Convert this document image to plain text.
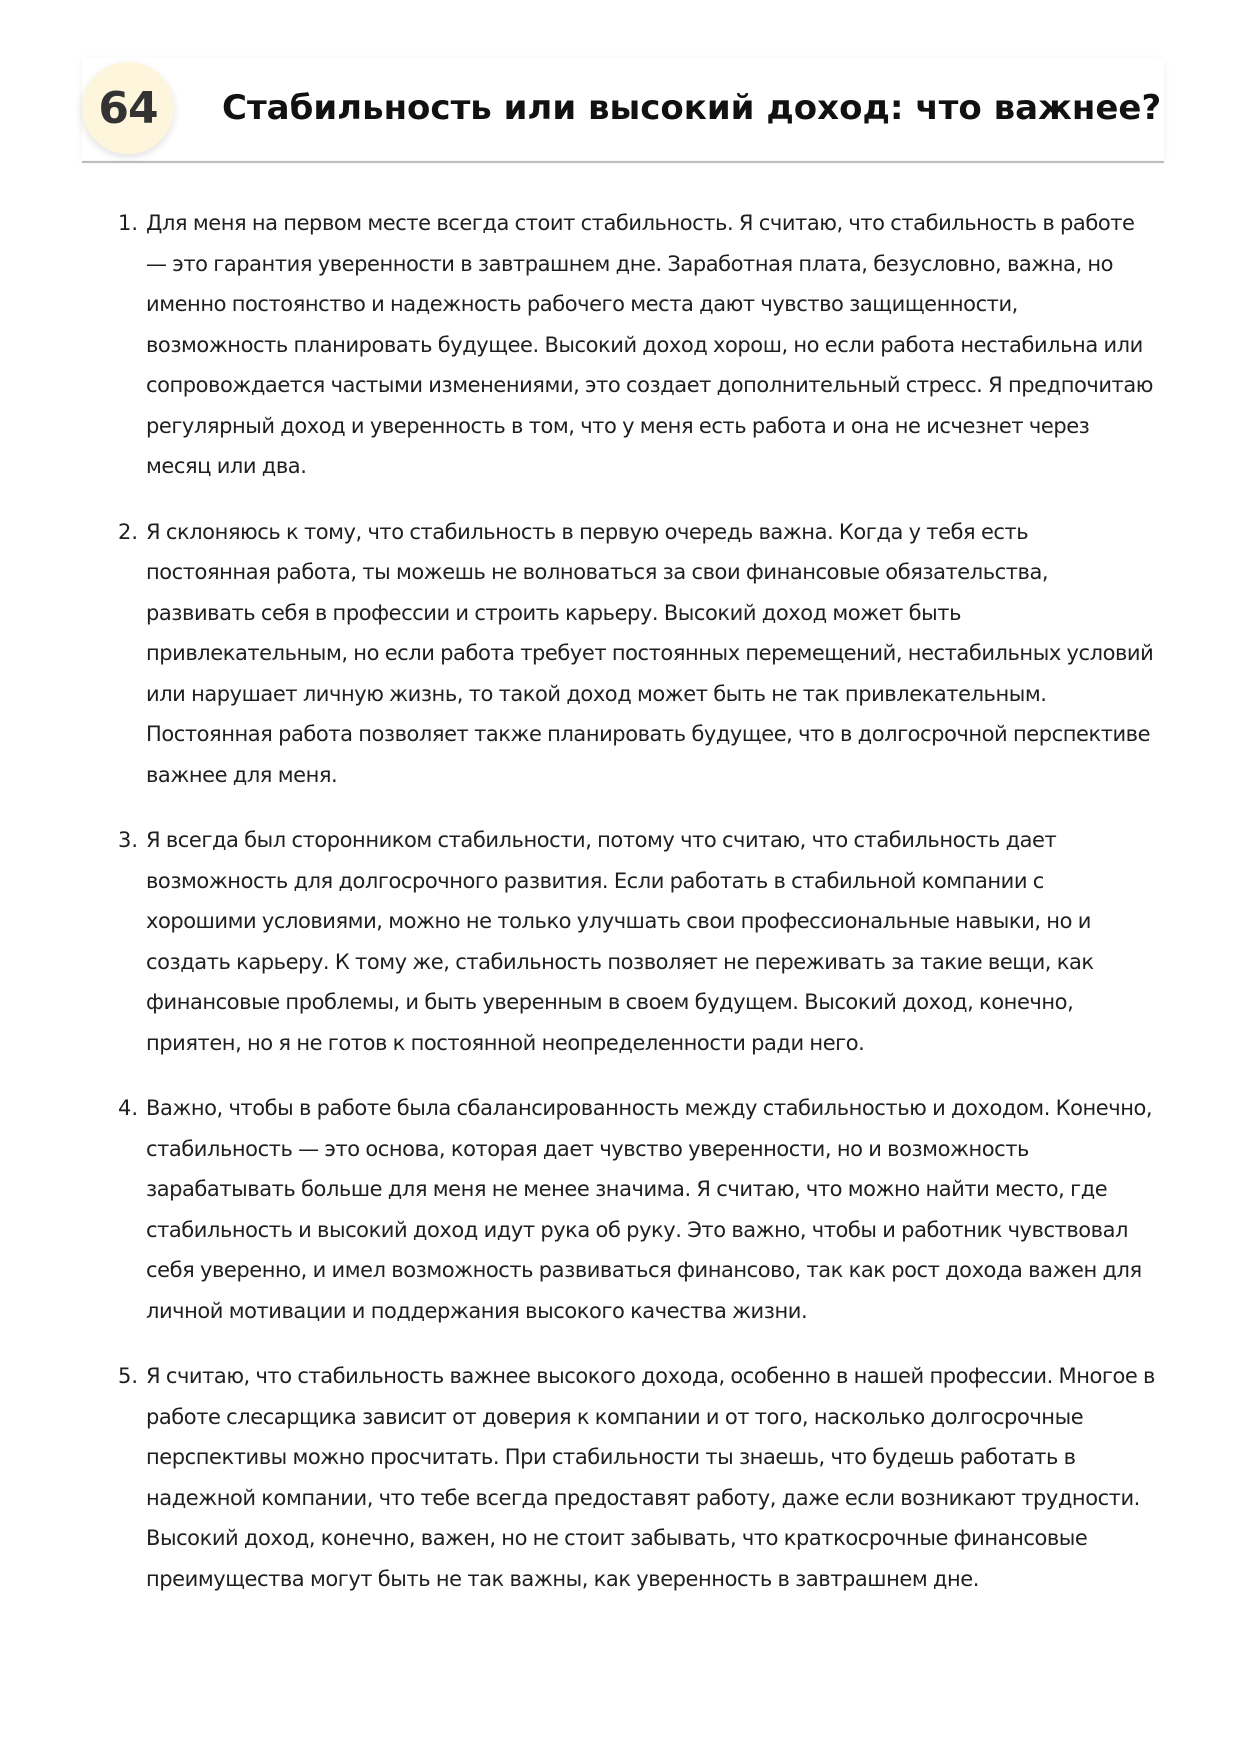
64 Стабильность или высокий доход: что важнее?
1. Для меня на первом месте всегда стоит стабильность. Я считаю, что стабильность в работе — это гарантия уверенности в завтрашнем дне. Заработная плата, безусловно, важна, но именно постоянство и надежность рабочего места дают чувство защищенности, возможность планировать будущее. Высокий доход хорош, но если работа нестабильна или сопровождается частыми изменениями, это создает дополнительный стресс. Я предпочитаю регулярный доход и уверенность в том, что у меня есть работа и она не исчезнет через месяц или два.

2. Я склоняюсь к тому, что стабильность в первую очередь важна. Когда у тебя есть постоянная работа, ты можешь не волноваться за свои финансовые обязательства, развивать себя в профессии и строить карьеру. Высокий доход может быть привлекательным, но если работа требует постоянных перемещений, нестабильных условий или нарушает личную жизнь, то такой доход может быть не так привлекательным. Постоянная работа позволяет также планировать будущее, что в долгосрочной перспективе важнее для меня.

3. Я всегда был сторонником стабильности, потому что считаю, что стабильность дает возможность для долгосрочного развития. Если работать в стабильной компании с хорошими условиями, можно не только улучшать свои профессиональные навыки, но и создать карьеру. К тому же, стабильность позволяет не переживать за такие вещи, как финансовые проблемы, и быть уверенным в своем будущем. Высокий доход, конечно, приятен, но я не готов к постоянной неопределенности ради него.

4. Важно, чтобы в работе была сбалансированность между стабильностью и доходом. Конечно, стабильность — это основа, которая дает чувство уверенности, но и возможность зарабатывать больше для меня не менее значима. Я считаю, что можно найти место, где стабильность и высокий доход идут рука об руку. Это важно, чтобы и работник чувствовал себя уверенно, и имел возможность развиваться финансово, так как рост дохода важен для личной мотивации и поддержания высокого качества жизни.

5. Я считаю, что стабильность важнее высокого дохода, особенно в нашей профессии. Многое в работе слесарщика зависит от доверия к компании и от того, насколько долгосрочные перспективы можно просчитать. При стабильности ты знаешь, что будешь работать в надежной компании, что тебе всегда предоставят работу, даже если возникают трудности. Высокий доход, конечно, важен, но не стоит забывать, что краткосрочные финансовые преимущества могут быть не так важны, как уверенность в завтрашнем дне.
